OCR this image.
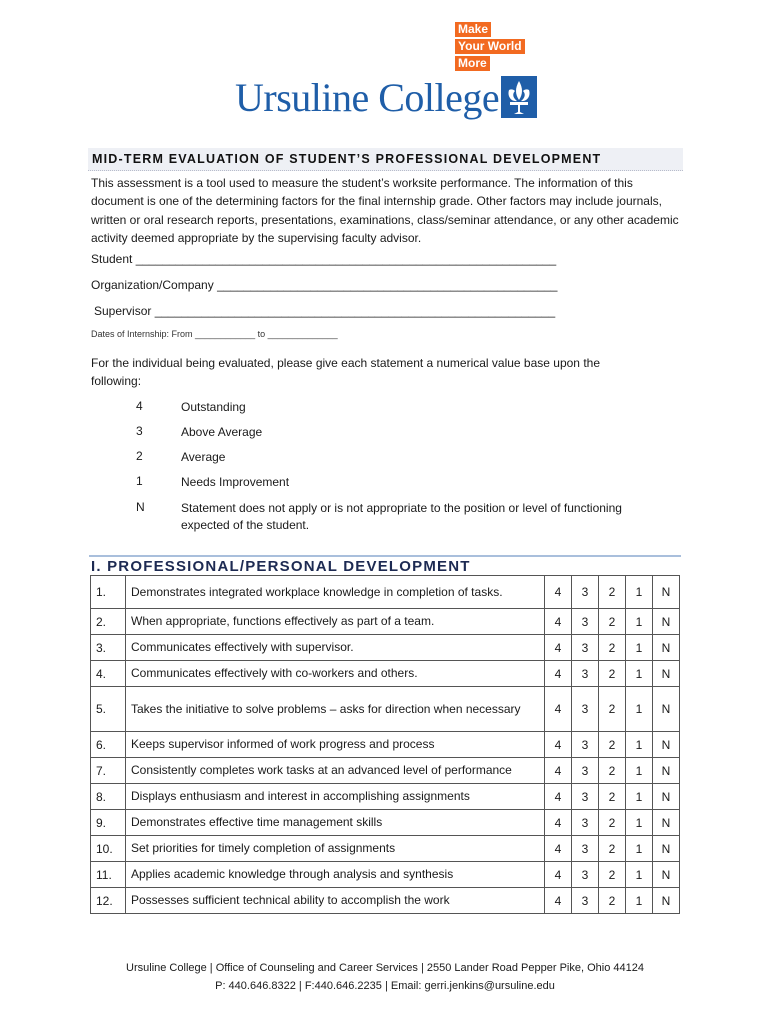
Make
Your World
More
Ursuline College
MID-TERM EVALUATION OF STUDENT’S PROFESSIONAL DEVELOPMENT
This assessment is a tool used to measure the student’s worksite performance. The information of this document is one of the determining factors for the final internship grade. Other factors may include journals, written or oral research reports, presentations, examinations, class/seminar attendance, or any other academic activity deemed appropriate by the supervising faculty advisor.
Student _______________________________________________________________
Organization/Company ___________________________________________________
Supervisor ____________________________________________________________
Dates of Internship: From ____________ to ______________
For the individual being evaluated, please give each statement a numerical value base upon the following:
4	Outstanding
3	Above Average
2	Average
1	Needs Improvement
N	Statement does not apply or is not appropriate to the position or level of functioning expected of the student.
I. PROFESSIONAL/PERSONAL DEVELOPMENT
1.	Demonstrates integrated workplace knowledge in completion of tasks.	4	3	2	1	N
2.	When appropriate, functions effectively as part of a team.	4	3	2	1	N
3.	Communicates effectively with supervisor.	4	3	2	1	N
4.	Communicates effectively with co-workers and others.	4	3	2	1	N
5.	Takes the initiative to solve problems – asks for direction when necessary	4	3	2	1	N
6.	Keeps supervisor informed of work progress and process	4	3	2	1	N
7.	Consistently completes work tasks at an advanced level of performance	4	3	2	1	N
8.	Displays enthusiasm and interest in accomplishing assignments	4	3	2	1	N
9.	Demonstrates effective time management skills	4	3	2	1	N
10.	Set priorities for timely completion of assignments	4	3	2	1	N
11.	Applies academic knowledge through analysis and synthesis	4	3	2	1	N
12.	Possesses sufficient technical ability to accomplish the work	4	3	2	1	N
Ursuline College | Office of Counseling and Career Services | 2550 Lander Road Pepper Pike, Ohio 44124
P: 440.646.8322 | F:440.646.2235 | Email: gerri.jenkins@ursuline.edu
